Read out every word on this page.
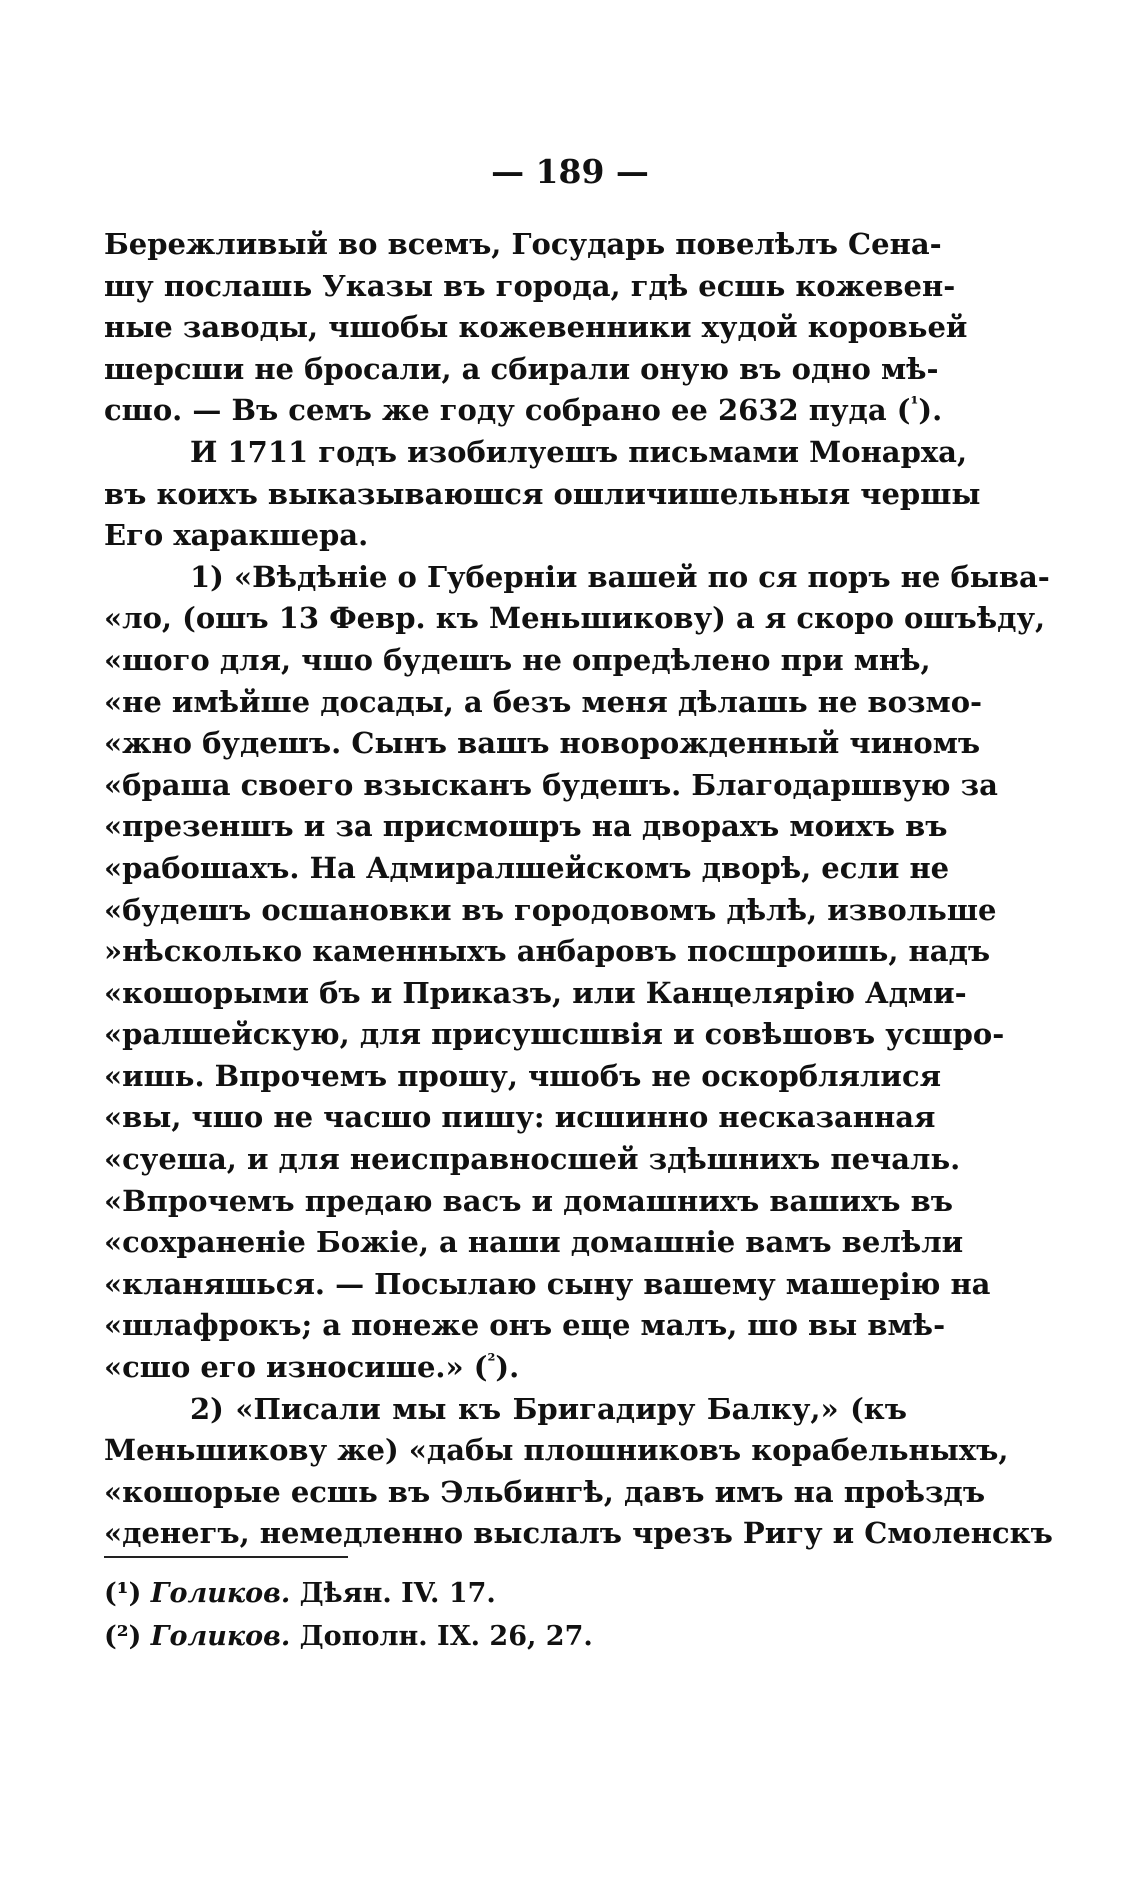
— 189 —
Бережливый во всемъ, Государь повелѣлъ Сена-
шу послашь Указы въ города, гдѣ есшь кожевен-
ные заводы, чшобы кожевенники худой коровьей
шерсши не бросали, а сбирали оную въ одно мѣ-
сшо. — Въ семъ же году собрано ее 2632 пуда ($^{^1}$).
И 1711 годъ изобилуешъ письмами Монарха,
въ коихъ выказываюшся ошличишельныя чершы
Его харакшера.
1) «Вѣдѣніе о Губерніи вашей по ся поръ не быва-
«ло, (ошъ 13 Февр. къ Меньшикову) а я скоро ошъѣду,
«шого для, чшо будешъ не опредѣлено при мнѣ,
«не имѣйше досады, а безъ меня дѣлашь не возмо-
«жно будешъ. Сынъ вашъ новорожденный чиномъ
«браша своего взысканъ будешъ. Благодаршвую за
«презеншъ и за присмошръ на дворахъ моихъ въ
«рабошахъ. На Адмиралшейскомъ дворѣ, если не
«будешъ осшановки въ городовомъ дѣлѣ, извольше
»нѣсколько каменныхъ анбаровъ посшроишь, надъ
«кошорыми бъ и Приказъ, или Канцелярію Адми-
«ралшейскую, для присушсшвія и совѣшовъ усшро-
«ишь. Впрочемъ прошу, чшобъ не оскорблялися
«вы, чшо не часшо пишу: исшинно несказанная
«суеша, и для неисправносшей здѣшнихъ печаль.
«Впрочемъ предаю васъ и домашнихъ вашихъ въ
«сохраненіе Божіе, а наши домашніе вамъ велѣли
«кланяшься. — Посылаю сыну вашему машерію на
«шлафрокъ; а понеже онъ еще малъ, шо вы вмѣ-
«сшо его износише.» ($^{^2}$).
2) «Писали мы къ Бригадиру Балку,» (къ
Меньшикову же) «дабы плошниковъ корабельныхъ,
«кошорые есшь въ Эльбингѣ, давъ имъ на проѣздъ
«денегъ, немедленно выслалъ чрезъ Ригу и Смоленскъ
(¹) Голиков. Дѣян. IV. 17.
(²) Голиков. Дополн. IX. 26, 27.
